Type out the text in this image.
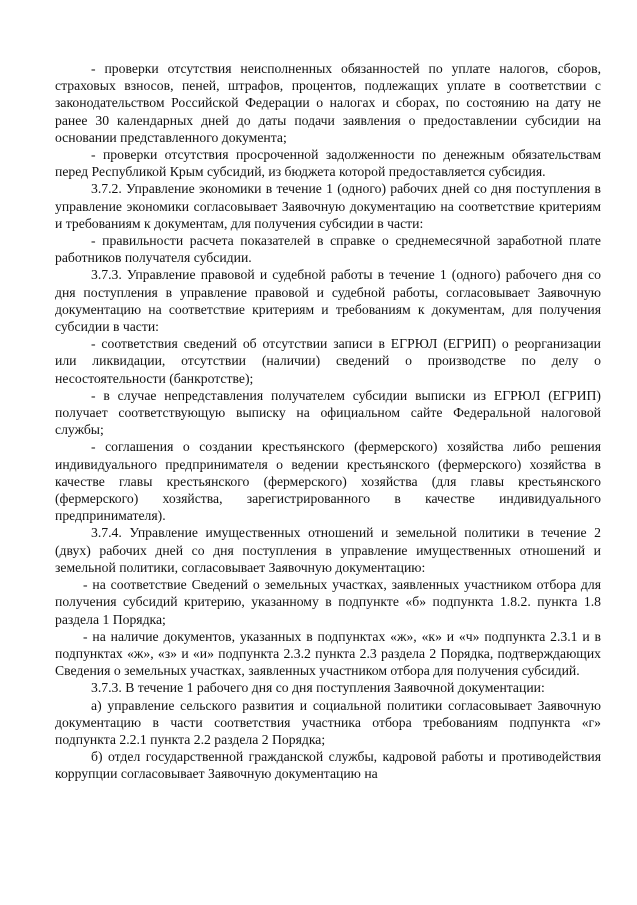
- проверки отсутствия неисполненных обязанностей по уплате налогов, сборов, страховых взносов, пеней, штрафов, процентов, подлежащих уплате в соответствии с законодательством Российской Федерации о налогах и сборах, по состоянию на дату не ранее 30 календарных дней до даты подачи заявления о предоставлении субсидии на основании представленного документа;

- проверки отсутствия просроченной задолженности по денежным обязательствам перед Республикой Крым субсидий, из бюджета которой предоставляется субсидия.

3.7.2. Управление экономики в течение 1 (одного) рабочих дней со дня поступления в управление экономики согласовывает Заявочную документацию на соответствие критериям и требованиям к документам, для получения субсидии в части:

- правильности расчета показателей в справке о среднемесячной заработной плате работников получателя субсидии.

3.7.3. Управление правовой и судебной работы в течение 1 (одного) рабочего дня со дня поступления в управление правовой и судебной работы, согласовывает Заявочную документацию на соответствие критериям и требованиям к документам, для получения субсидии в части:

- соответствия сведений об отсутствии записи в ЕГРЮЛ (ЕГРИП) о реорганизации или ликвидации, отсутствии (наличии) сведений о производстве по делу о несостоятельности (банкротстве);

- в случае непредставления получателем субсидии выписки из ЕГРЮЛ (ЕГРИП) получает соответствующую выписку на официальном сайте Федеральной налоговой службы;

- соглашения о создании крестьянского (фермерского) хозяйства либо решения индивидуального предпринимателя о ведении крестьянского (фермерского) хозяйства в качестве главы крестьянского (фермерского) хозяйства (для главы крестьянского (фермерского) хозяйства, зарегистрированного в качестве индивидуального предпринимателя).

3.7.4. Управление имущественных отношений и земельной политики в течение 2 (двух) рабочих дней со дня поступления в управление имущественных отношений и земельной политики, согласовывает Заявочную документацию:

- на соответствие Сведений о земельных участках, заявленных участником отбора для получения субсидий критерию, указанному в подпункте «б» подпункта 1.8.2. пункта 1.8 раздела 1 Порядка;

- на наличие документов, указанных в подпунктах «ж», «к» и «ч» подпункта 2.3.1 и в подпунктах «ж», «з» и «и» подпункта 2.3.2 пункта 2.3 раздела 2 Порядка, подтверждающих Сведения о земельных участках, заявленных участником отбора для получения субсидий.

3.7.3. В течение 1 рабочего дня со дня поступления Заявочной документации:

а) управление сельского развития и социальной политики согласовывает Заявочную документацию в части соответствия участника отбора требованиям подпункта «г» подпункта 2.2.1 пункта 2.2 раздела 2 Порядка;

б) отдел государственной гражданской службы, кадровой работы и противодействия коррупции согласовывает Заявочную документацию на
